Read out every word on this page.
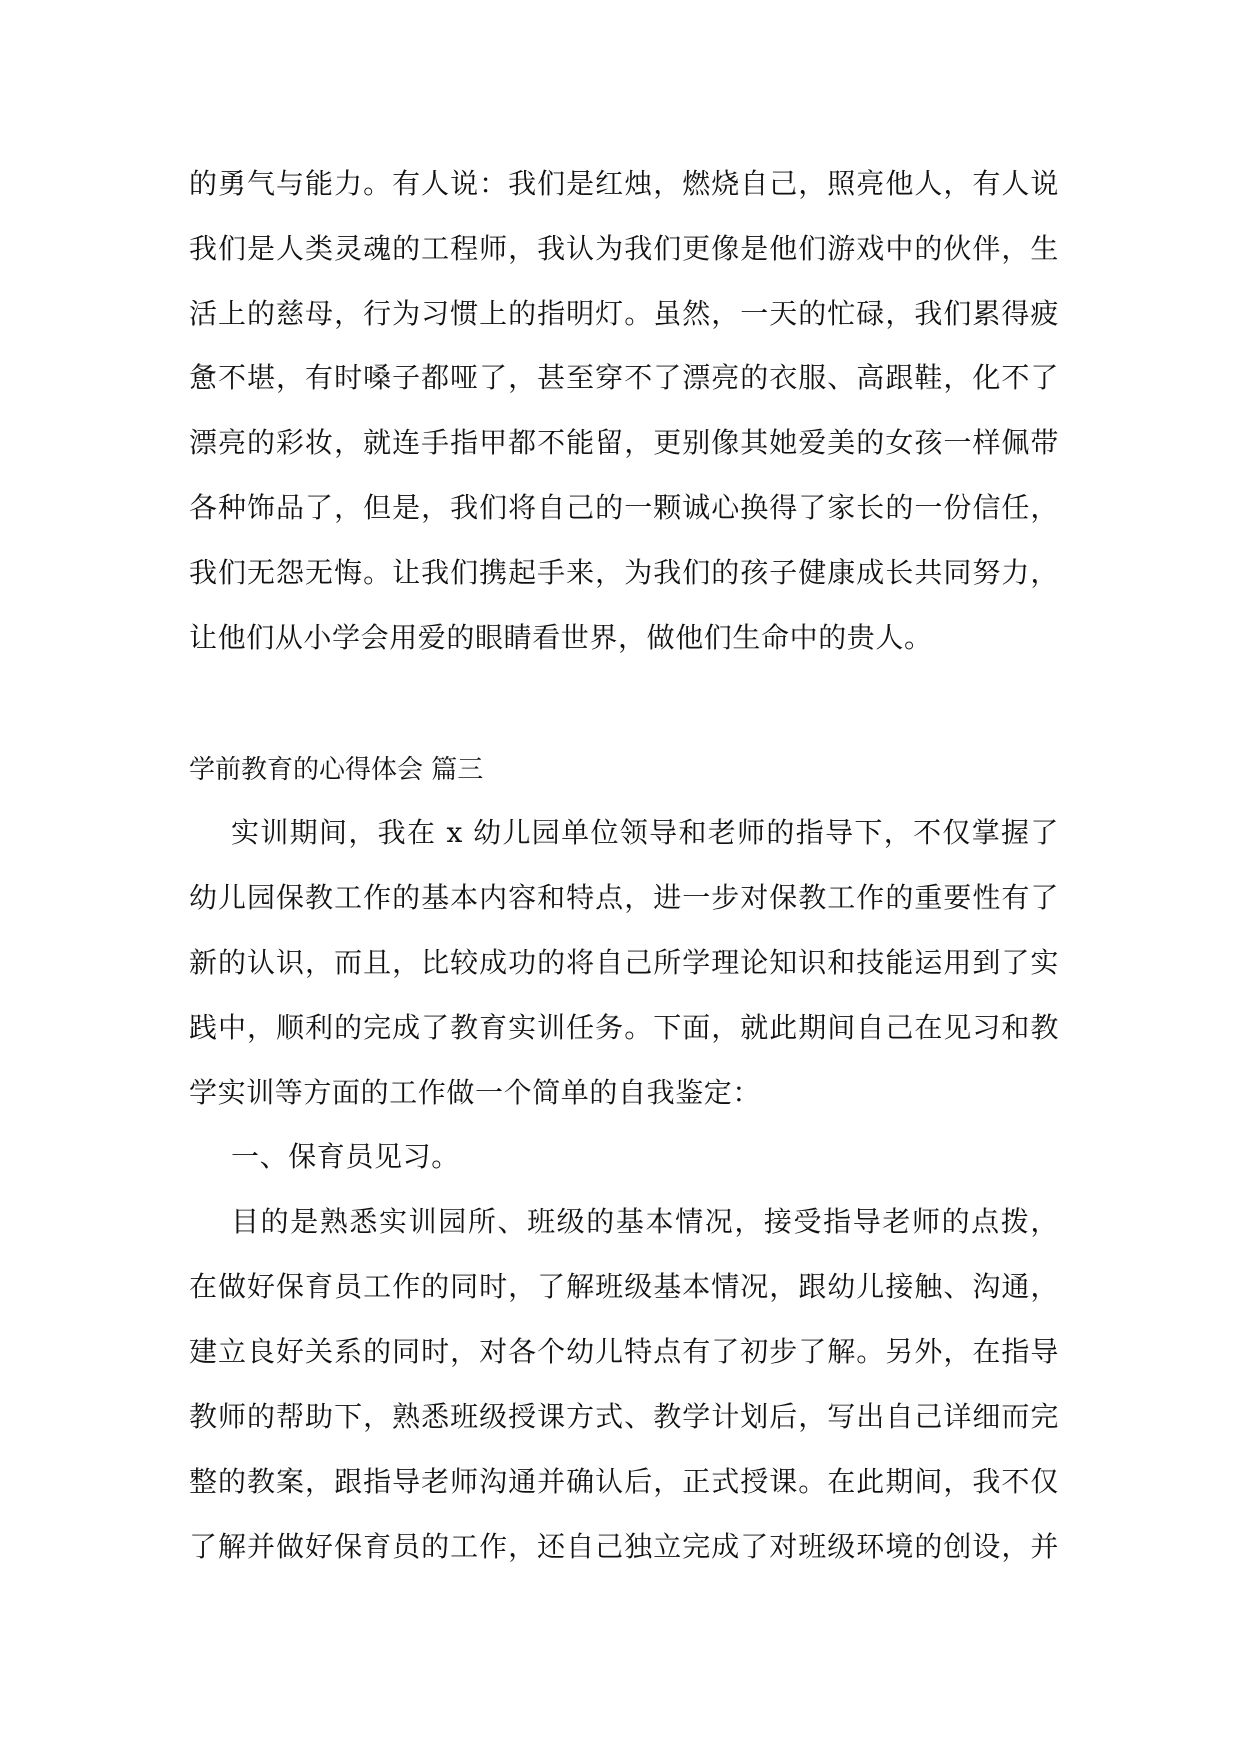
的勇气与能力。有人说：我们是红烛，燃烧自己，照亮他人，有人说
我们是人类灵魂的工程师，我认为我们更像是他们游戏中的伙伴，生
活上的慈母，行为习惯上的指明灯。虽然，一天的忙碌，我们累得疲
惫不堪，有时嗓子都哑了，甚至穿不了漂亮的衣服、高跟鞋，化不了
漂亮的彩妆，就连手指甲都不能留，更别像其她爱美的女孩一样佩带
各种饰品了，但是，我们将自己的一颗诚心换得了家长的一份信任，
我们无怨无悔。让我们携起手来，为我们的孩子健康成长共同努力，
让他们从小学会用爱的眼睛看世界，做他们生命中的贵人。
学前教育的心得体会 篇三
实训期间，我在 x 幼儿园单位领导和老师的指导下，不仅掌握了
幼儿园保教工作的基本内容和特点，进一步对保教工作的重要性有了
新的认识，而且，比较成功的将自己所学理论知识和技能运用到了实
践中，顺利的完成了教育实训任务。下面，就此期间自己在见习和教
学实训等方面的工作做一个简单的自我鉴定：
一、保育员见习。
目的是熟悉实训园所、班级的基本情况，接受指导老师的点拨，
在做好保育员工作的同时，了解班级基本情况，跟幼儿接触、沟通，
建立良好关系的同时，对各个幼儿特点有了初步了解。另外，在指导
教师的帮助下，熟悉班级授课方式、教学计划后，写出自己详细而完
整的教案，跟指导老师沟通并确认后，正式授课。在此期间，我不仅
了解并做好保育员的工作，还自己独立完成了对班级环境的创设，并
